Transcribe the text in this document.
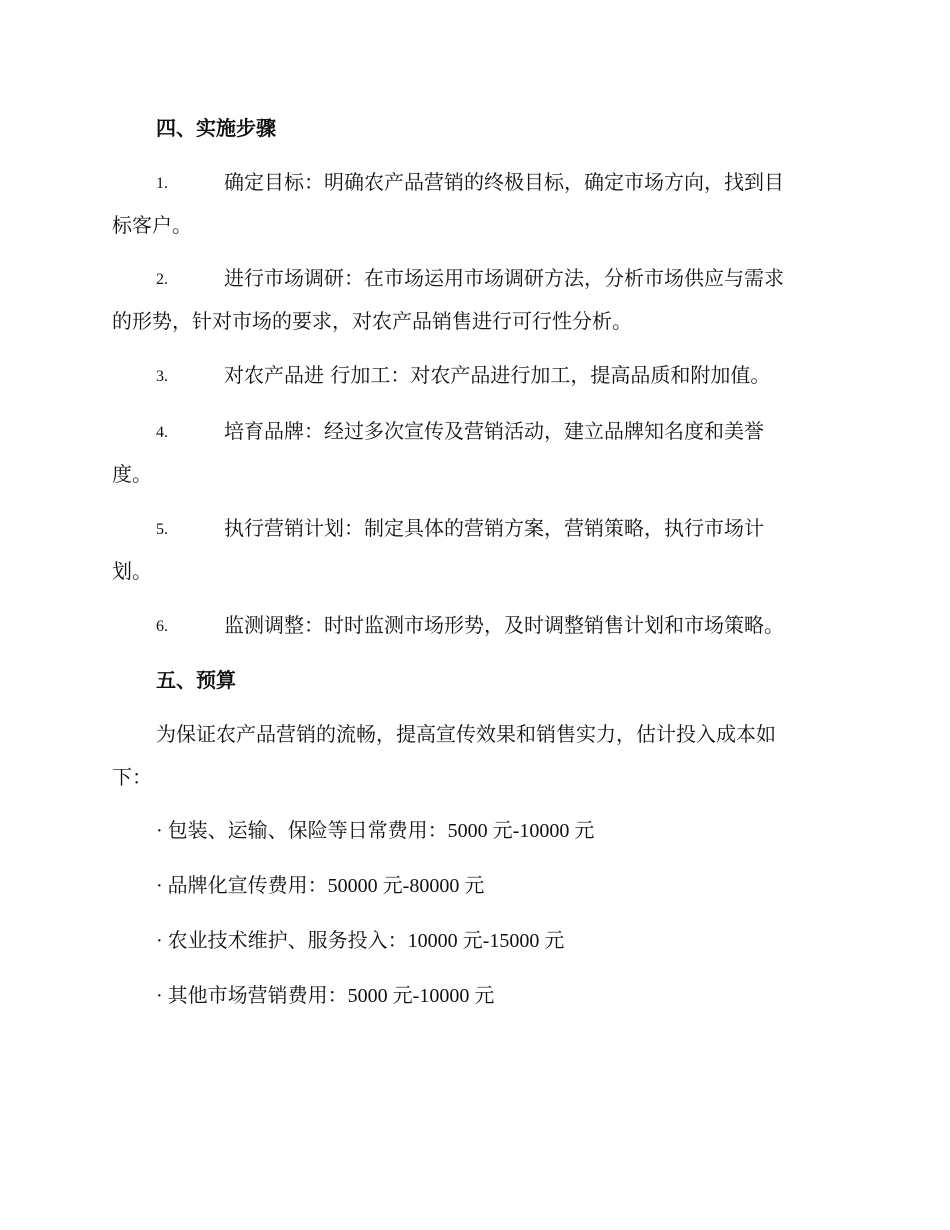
四、实施步骤
1.	确定目标：明确农产品营销的终极目标，确定市场方向，找到目
标客户。
2.	进行市场调研：在市场运用市场调研方法，分析市场供应与需求
的形势，针对市场的要求，对农产品销售进行可行性分析。
3.	对农产品进 行加工：对农产品进行加工，提高品质和附加值。
4.	培育品牌：经过多次宣传及营销活动，建立品牌知名度和美誉
度。
5.	执行营销计划：制定具体的营销方案，营销策略，执行市场计
划。
6.	监测调整：时时监测市场形势，及时调整销售计划和市场策略。
五、预算
为保证农产品营销的流畅，提高宣传效果和销售实力，估计投入成本如
下：
· 包装、运输、保险等日常费用：5000 元-10000 元
· 品牌化宣传费用：50000 元-80000 元
· 农业技术维护、服务投入：10000 元-15000 元
· 其他市场营销费用：5000 元-10000 元
